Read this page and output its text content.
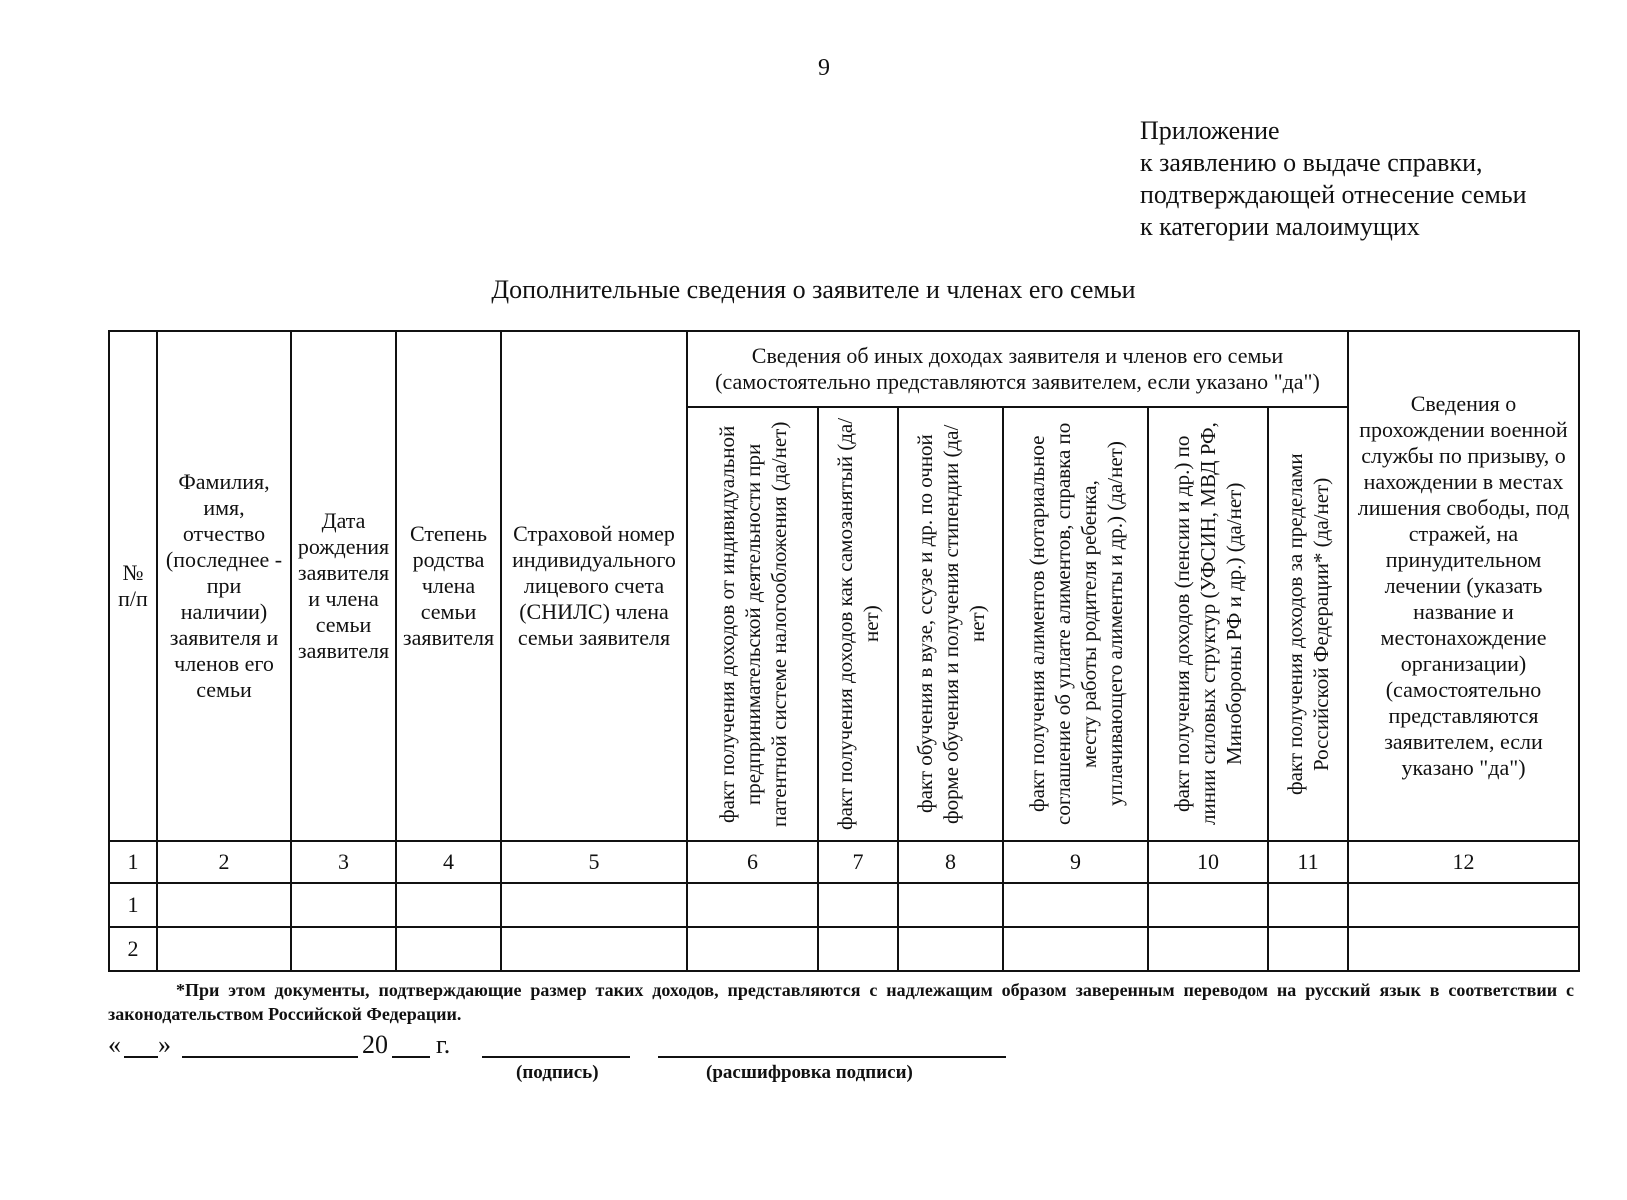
9
Приложение
к заявлению о выдаче справки,
подтверждающей отнесение семьи
к категории малоимущих
Дополнительные сведения о заявителе и членах его семьи
№ п/п	Фамилия, имя, отчество (последнее - при наличии) заявителя и членов его семьи	Дата рождения заявителя и члена семьи заявителя	Степень родства члена семьи заявителя	Страховой номер индивидуального лицевого счета (СНИЛС) члена семьи заявителя	Сведения об иных доходах заявителя и членов его семьи (самостоятельно представляются заявителем, если указано "да")						Сведения о прохождении военной службы по призыву, о нахождении в местах лишения свободы, под стражей, на принудительном лечении (указать название и местонахождение организации) (самостоятельно представляются заявителем, если указано "да")

					факт получения доходов от индивидуальной предпринимательской деятельности при патентной системе налогообложения (да/нет)	факт получения доходов как самозанятый (да/нет)	факт обучения в вузе, ссузе и др. по очной форме обучения и получения стипендии (да/нет)	факт получения алиментов (нотариальное соглашение об уплате алиментов, справка по месту работы родителя ребенка, уплачивающего алименты и др.) (да/нет)	факт получения доходов (пенсии и др.) по линии силовых структур (УФСИН, МВД РФ, Минобороны РФ и др.) (да/нет)	факт получения доходов за пределами Российской Федерации* (да/нет)	

1	2	3	4	5	6	7	8	9	10	11	12
1											
2											
*При этом документы, подтверждающие размер таких доходов, представляются с надлежащим образом заверенным переводом на русский язык в соответствии с законодательством Российской Федерации.
« »	20 г.
(подпись)	(расшифровка подписи)
